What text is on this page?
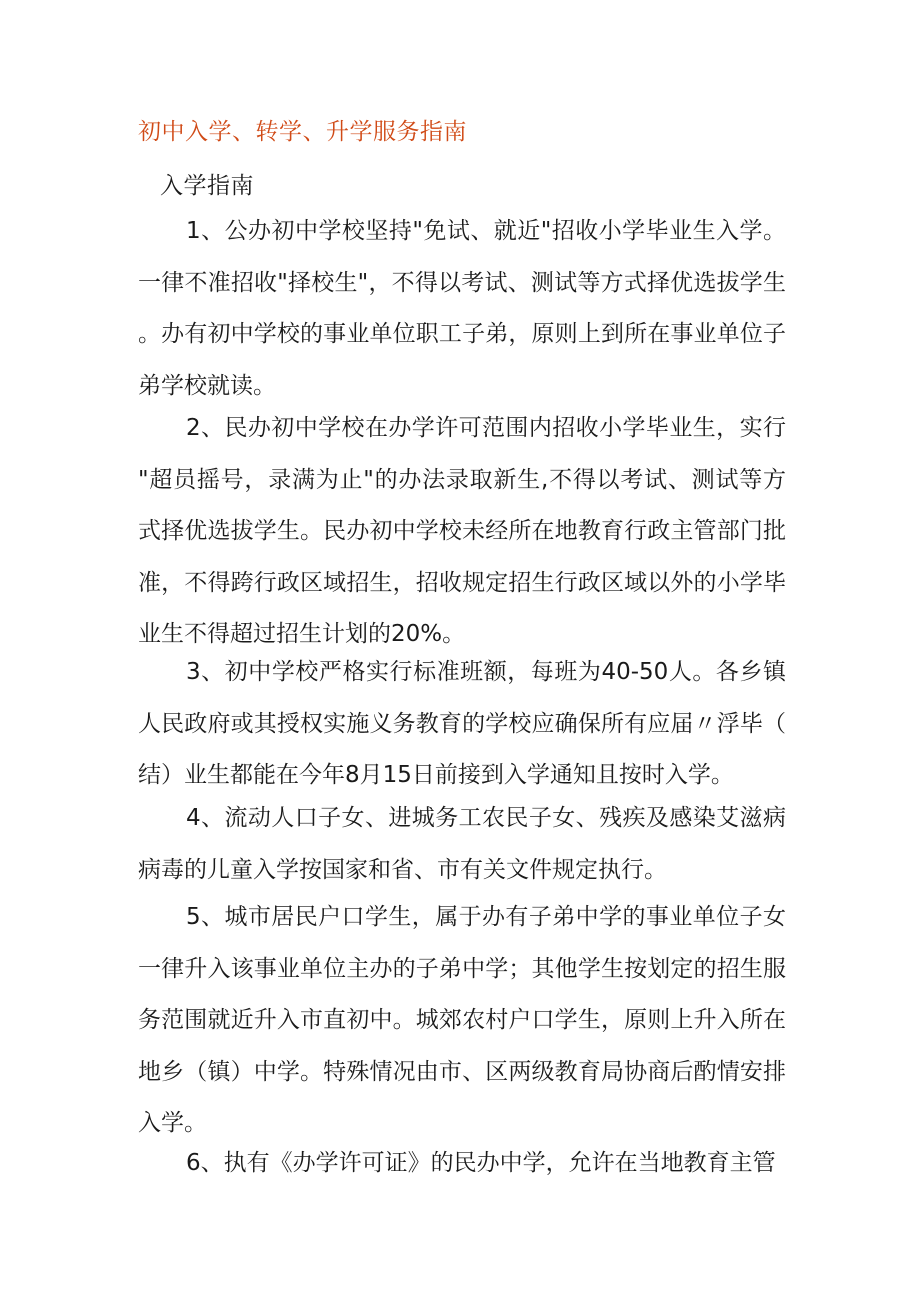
初中入学、转学、升学服务指南
入学指南

1、公办初中学校坚持"免试、就近"招收小学毕业生入学。一律不准招收"择校生"，不得以考试、测试等方式择优选拔学生。办有初中学校的事业单位职工子弟，原则上到所在事业单位子弟学校就读。

2、民办初中学校在办学许可范围内招收小学毕业生，实行"超员摇号，录满为止"的办法录取新生,不得以考试、测试等方式择优选拔学生。民办初中学校未经所在地教育行政主管部门批准，不得跨行政区域招生，招收规定招生行政区域以外的小学毕业生不得超过招生计划的20%。

3、初中学校严格实行标准班额，每班为40-50人。各乡镇人民政府或其授权实施义务教育的学校应确保所有应届〃浮毕（结）业生都能在今年8月15日前接到入学通知且按时入学。

4、流动人口子女、进城务工农民子女、残疾及感染艾滋病病毒的儿童入学按国家和省、市有关文件规定执行。

5、城市居民户口学生，属于办有子弟中学的事业单位子女一律升入该事业单位主办的子弟中学；其他学生按划定的招生服务范围就近升入市直初中。城郊农村户口学生，原则上升入所在地乡（镇）中学。特殊情况由市、区两级教育局协商后酌情安排入学。

6、执有《办学许可证》的民办中学，允许在当地教育主管
